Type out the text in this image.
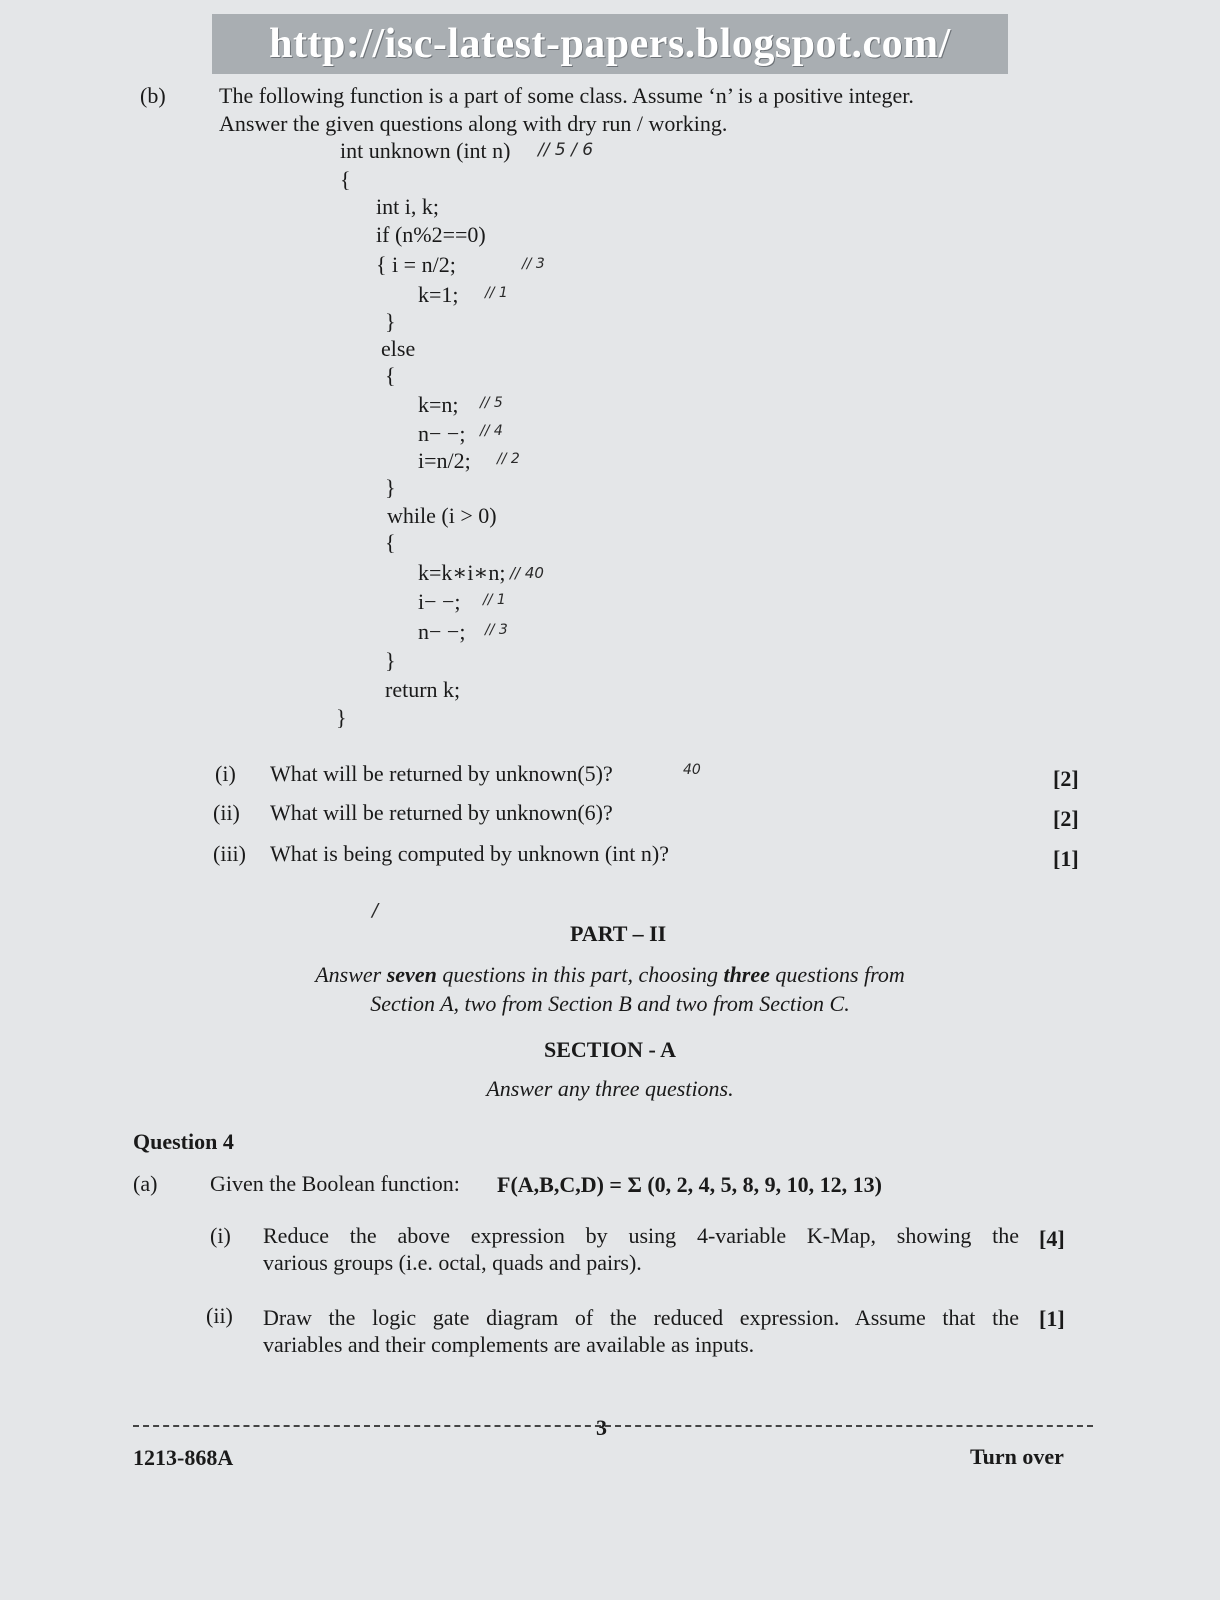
http://isc-latest-papers.blogspot.com/
(b) The following function is a part of some class. Assume ‘n’ is a positive integer.
Answer the given questions along with dry run / working.
int unknown (int n)
{
int i, k;
if (n%2==0)
{ i = n/2;
k=1;
}
else
{
k=n;
n− −;
i=n/2;
}
while (i > 0)
{
k=k∗i∗n;
i− −;
n− −;
}
return k;
}
// 5 / 6
// 3
// 1
// 5
// 4
// 2
// 40
// 1
// 3
40
/
(i) What will be returned by unknown(5)?	[2]
(ii) What will be returned by unknown(6)?	[2]
(iii) What is being computed by unknown (int n)?	[1]
PART – II
Answer seven questions in this part, choosing three questions from
Section A, two from Section B and two from Section C.
SECTION - A
Answer any three questions.
Question 4
(a) Given the Boolean function: F(A,B,C,D) = Σ (0, 2, 4, 5, 8, 9, 10, 12, 13)
(i) Reduce the above expression by using 4-variable K-Map, showing the
various groups (i.e. octal, quads and pairs).
[4]
(ii) Draw the logic gate diagram of the reduced expression. Assume that the
variables and their complements are available as inputs.
[1]
3
1213-868A	Turn over
